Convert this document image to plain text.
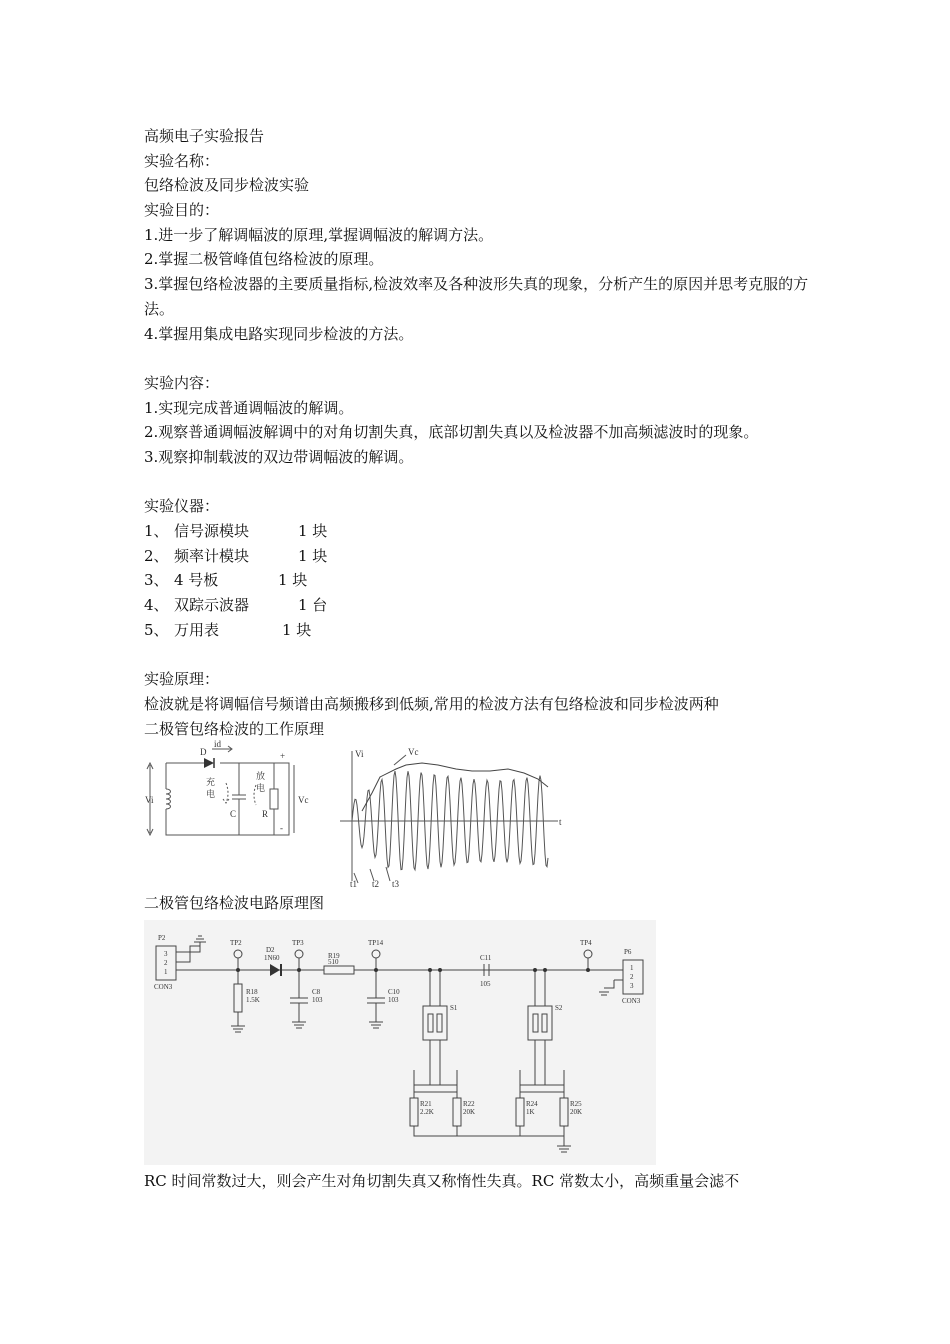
高频电子实验报告
实验名称：
包络检波及同步检波实验
实验目的：
1.进一步了解调幅波的原理,掌握调幅波的解调方法。
2.掌握二极管峰值包络检波的原理。
3.掌握包络检波器的主要质量指标,检波效率及各种波形失真的现象，分析产生的原因并思考克服的方法。
4.掌握用集成电路实现同步检波的方法。
实验内容：
1.实现完成普通调幅波的解调。
2.观察普通调幅波解调中的对角切割失真，底部切割失真以及检波器不加高频滤波时的现象。
3.观察抑制载波的双边带调幅波的解调。
实验仪器：
1、 信号源模块	1 块
2、 频率计模块	1 块
3、 4 号板	1 块
4、 双踪示波器	1 台
5、 万用表	1 块
实验原理：
检波就是将调幅信号频谱由高频搬移到低频,常用的检波方法有包络检波和同步检波两种
二极管包络检波的工作原理
D
id
充
电
放
电
C	R
Vi	Vc
+
-
Vi	Vc
t
t1 t2 t3
二极管包络检波电路原理图
P2
3
2
1
CON3
TP2	TP3	TP14	TP4
D2
1N60	R19
510	C11
105
P6
1
2
3
CON3
R18
1.5K
C8
103
C10
103
S1	S2
R21
2.2K
R22
20K
R24
1K
R25
20K
RC 时间常数过大，则会产生对角切割失真又称惰性失真。RC 常数太小，高频重量会滤不
